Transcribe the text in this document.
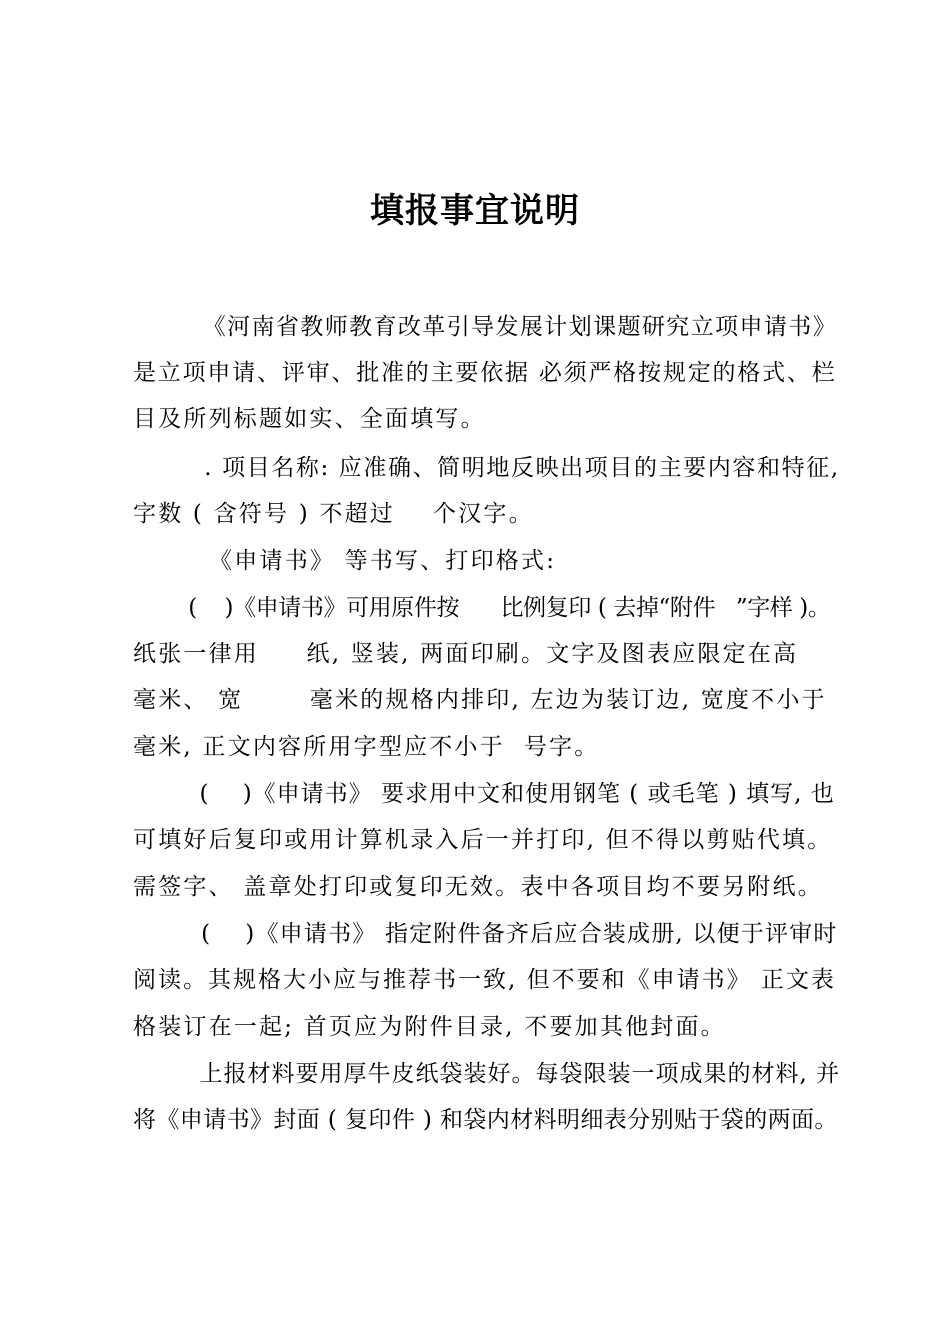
填报事宜说明
《河南省教师教育改革引导发展计划课题研究立项申请书》
是立项申请、评审、批准的主要依据 必须严格按规定的格式、栏
目及所列标题如实、全面填写。
. 项目名称: 应准确、简明地反映出项目的主要内容和特征,
字数 ( 含符号 ) 不超过    个汉字。
《申请书》 等书写、打印格式:
(    )《申请书》可用原件按      比例复印 ( 去掉“附件   ”字样 )。
纸张一律用     纸, 竖装, 两面印刷。文字及图表应限定在高
毫米、 宽       毫米的规格内排印, 左边为装订边, 宽度不小于
毫米, 正文内容所用字型应不小于  号字。
(    )《申请书》 要求用中文和使用钢笔 ( 或毛笔 ) 填写, 也
可填好后复印或用计算机录入后一并打印, 但不得以剪贴代填。
需签字、 盖章处打印或复印无效。表中各项目均不要另附纸。
(    )《申请书》 指定附件备齐后应合装成册, 以便于评审时
阅读。其规格大小应与推荐书一致, 但不要和《申请书》 正文表
格装订在一起; 首页应为附件目录, 不要加其他封面。
上报材料要用厚牛皮纸袋装好。每袋限装一项成果的材料, 并
将《申请书》封面 ( 复印件 ) 和袋内材料明细表分别贴于袋的两面。
